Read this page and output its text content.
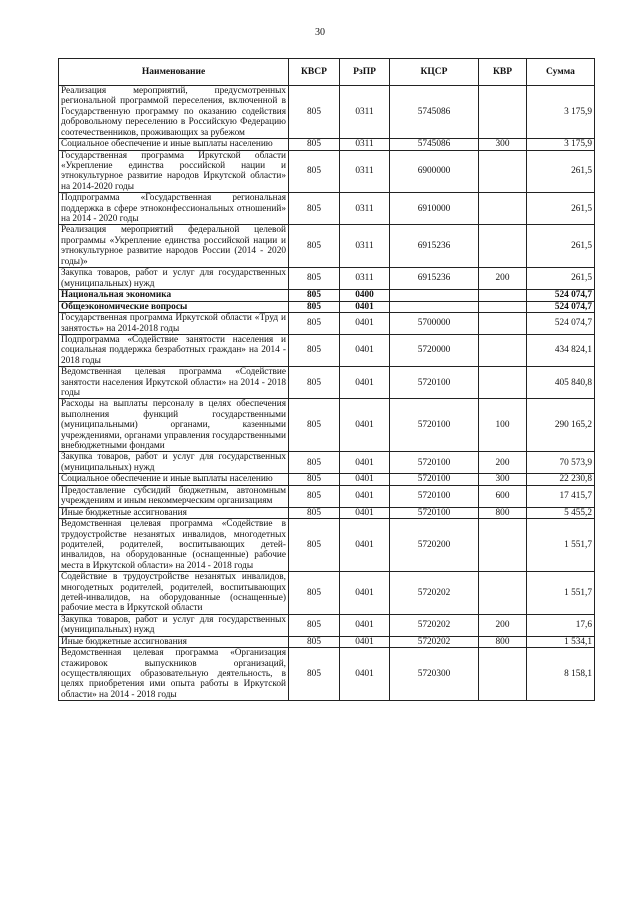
30
Наименование	КВСР	РзПР	КЦСР	КВР	Сумма
Реализация мероприятий, предусмотренных региональной программой переселения, включенной в Государственную программу по оказанию содействия добровольному переселению в Российскую Федерацию соотечественников, проживающих за рубежом	805	0311	5745086		3 175,9
Социальное обеспечение и иные выплаты населению	805	0311	5745086	300	3 175,9
Государственная программа Иркутской области «Укрепление единства российской нации и этнокультурное развитие народов Иркутской области» на 2014-2020 годы	805	0311	6900000		261,5
Подпрограмма «Государственная региональная поддержка в сфере этноконфессиональных отношений» на 2014 - 2020 годы	805	0311	6910000		261,5
Реализация мероприятий федеральной целевой программы «Укрепление единства российской нации и этнокультурное развитие народов России (2014 - 2020 годы)»	805	0311	6915236		261,5
Закупка товаров, работ и услуг для государственных (муниципальных) нужд	805	0311	6915236	200	261,5
Национальная экономика	805	0400			524 074,7
Общеэкономические вопросы	805	0401			524 074,7
Государственная программа Иркутской области «Труд и занятость» на 2014-2018 годы	805	0401	5700000		524 074,7
Подпрограмма «Содействие занятости населения и социальная поддержка безработных граждан» на 2014 - 2018 годы	805	0401	5720000		434 824,1
Ведомственная целевая программа «Содействие занятости населения Иркутской области» на 2014 - 2018 годы	805	0401	5720100		405 840,8
Расходы на выплаты персоналу в целях обеспечения выполнения функций государственными (муниципальными) органами, казенными учреждениями, органами управления государственными внебюджетными фондами	805	0401	5720100	100	290 165,2
Закупка товаров, работ и услуг для государственных (муниципальных) нужд	805	0401	5720100	200	70 573,9
Социальное обеспечение и иные выплаты населению	805	0401	5720100	300	22 230,8
Предоставление субсидий бюджетным, автономным учреждениям и иным некоммерческим организациям	805	0401	5720100	600	17 415,7
Иные бюджетные ассигнования	805	0401	5720100	800	5 455,2
Ведомственная целевая программа «Содействие в трудоустройстве незанятых инвалидов, многодетных родителей, родителей, воспитывающих детей-инвалидов, на оборудованные (оснащенные) рабочие места в Иркутской области» на 2014 - 2018 годы	805	0401	5720200		1 551,7
Содействие в трудоустройстве незанятых инвалидов, многодетных родителей, родителей, воспитывающих детей-инвалидов, на оборудованные (оснащенные) рабочие места в Иркутской области	805	0401	5720202		1 551,7
Закупка товаров, работ и услуг для государственных (муниципальных) нужд	805	0401	5720202	200	17,6
Иные бюджетные ассигнования	805	0401	5720202	800	1 534,1
Ведомственная целевая программа «Организация стажировок выпускников организаций, осуществляющих образовательную деятельность, в целях приобретения ими опыта работы в Иркутской области» на 2014 - 2018 годы	805	0401	5720300		8 158,1
